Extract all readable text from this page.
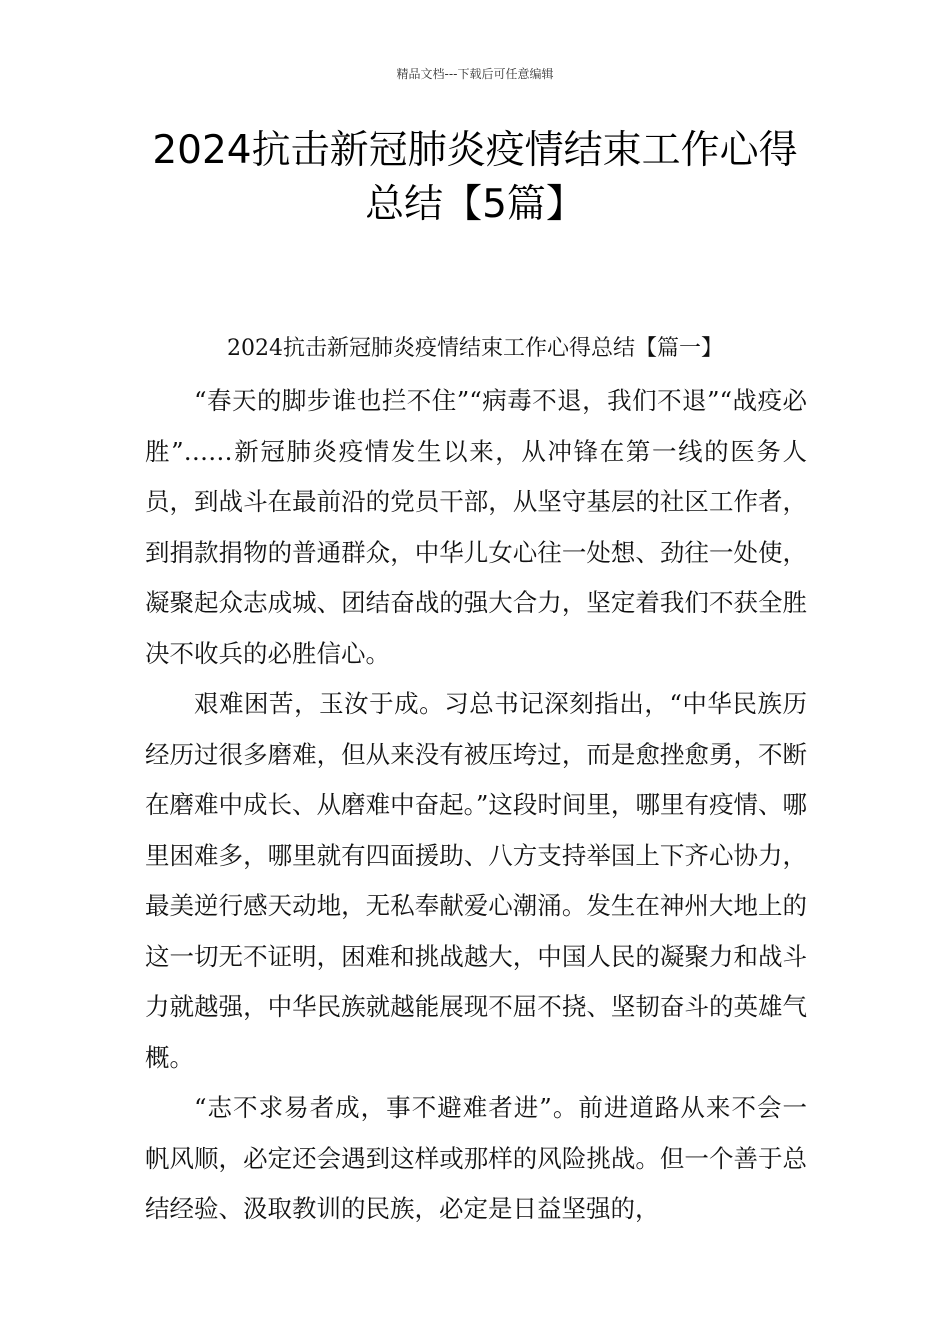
精品文档---下载后可任意编辑
2024抗击新冠肺炎疫情结束工作心得总结【5篇】
2024抗击新冠肺炎疫情结束工作心得总结【篇一】

“春天的脚步谁也拦不住”“病毒不退，我们不退”“战疫必胜”……新冠肺炎疫情发生以来，从冲锋在第一线的医务人员，到战斗在最前沿的党员干部，从坚守基层的社区工作者，到捐款捐物的普通群众，中华儿女心往一处想、劲往一处使，凝聚起众志成城、团结奋战的强大合力，坚定着我们不获全胜决不收兵的必胜信心。

艰难困苦，玉汝于成。习总书记深刻指出，“中华民族历经历过很多磨难，但从来没有被压垮过，而是愈挫愈勇，不断在磨难中成长、从磨难中奋起。”这段时间里，哪里有疫情、哪里困难多，哪里就有四面援助、八方支持举国上下齐心协力，最美逆行感天动地，无私奉献爱心潮涌。发生在神州大地上的这一切无不证明，困难和挑战越大，中国人民的凝聚力和战斗力就越强，中华民族就越能展现不屈不挠、坚韧奋斗的英雄气概。

“志不求易者成，事不避难者进”。前进道路从来不会一帆风顺，必定还会遇到这样或那样的风险挑战。但一个善于总结经验、汲取教训的民族，必定是日益坚强的，
